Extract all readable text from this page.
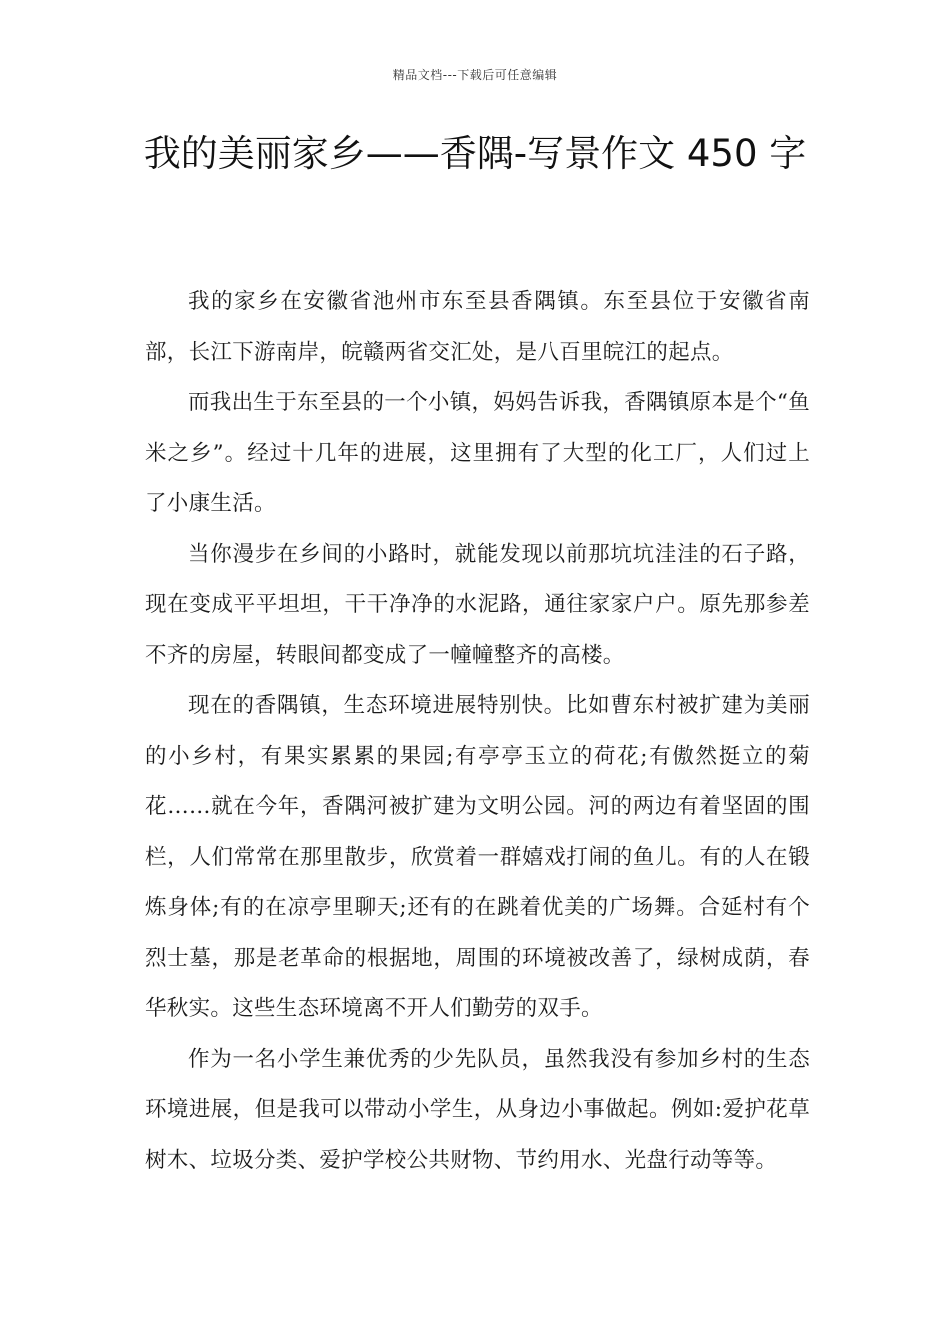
精品文档---下载后可任意编辑
我的美丽家乡——香隅-写景作文 450 字

我的家乡在安徽省池州市东至县香隅镇。东至县位于安徽省南部，长江下游南岸，皖赣两省交汇处，是八百里皖江的起点。

而我出生于东至县的一个小镇，妈妈告诉我，香隅镇原本是个“鱼米之乡”。经过十几年的进展，这里拥有了大型的化工厂，人们过上了小康生活。

当你漫步在乡间的小路时，就能发现以前那坑坑洼洼的石子路，现在变成平平坦坦，干干净净的水泥路，通往家家户户。原先那参差不齐的房屋，转眼间都变成了一幢幢整齐的高楼。

现在的香隅镇，生态环境进展特别快。比如曹东村被扩建为美丽的小乡村，有果实累累的果园;有亭亭玉立的荷花;有傲然挺立的菊花……就在今年，香隅河被扩建为文明公园。河的两边有着坚固的围栏，人们常常在那里散步，欣赏着一群嬉戏打闹的鱼儿。有的人在锻炼身体;有的在凉亭里聊天;还有的在跳着优美的广场舞。合延村有个烈士墓，那是老革命的根据地，周围的环境被改善了，绿树成荫，春华秋实。这些生态环境离不开人们勤劳的双手。

作为一名小学生兼优秀的少先队员，虽然我没有参加乡村的生态环境进展，但是我可以带动小学生，从身边小事做起。例如:爱护花草树木、垃圾分类、爱护学校公共财物、节约用水、光盘行动等等。
